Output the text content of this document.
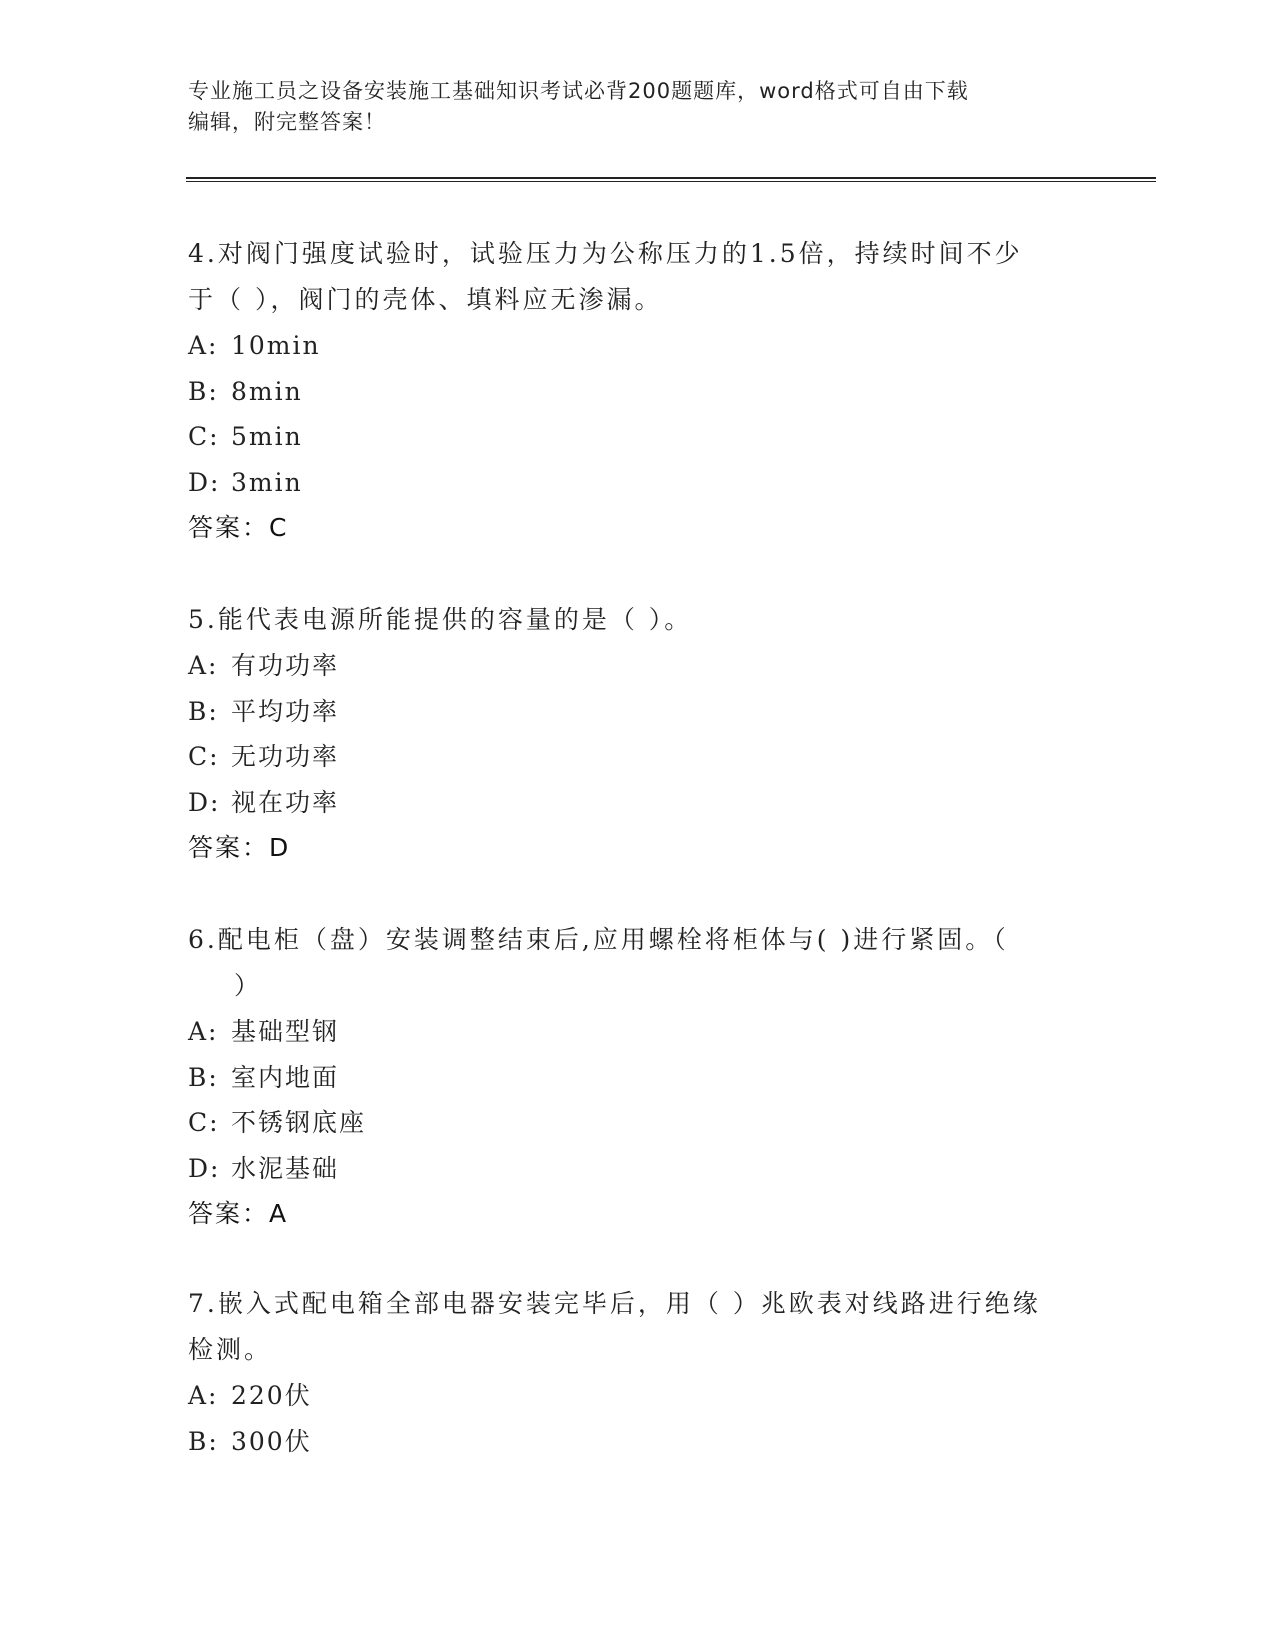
专业施工员之设备安装施工基础知识考试必背200题题库，word格式可自由下载
编辑，附完整答案！
4.对阀门强度试验时，试验压力为公称压力的1.5倍，持续时间不少
于（ ），阀门的壳体、填料应无渗漏。
A: 10min
B: 8min
C: 5min
D: 3min
答案：C
5.能代表电源所能提供的容量的是（ ）。
A: 有功功率
B: 平均功率
C: 无功功率
D: 视在功率
答案：D
6.配电柜（盘）安装调整结束后,应用螺栓将柜体与( )进行紧固。（
）
A: 基础型钢
B: 室内地面
C: 不锈钢底座
D: 水泥基础
答案：A
7.嵌入式配电箱全部电器安装完毕后，用（ ）兆欧表对线路进行绝缘
检测。
A: 220伏
B: 300伏
